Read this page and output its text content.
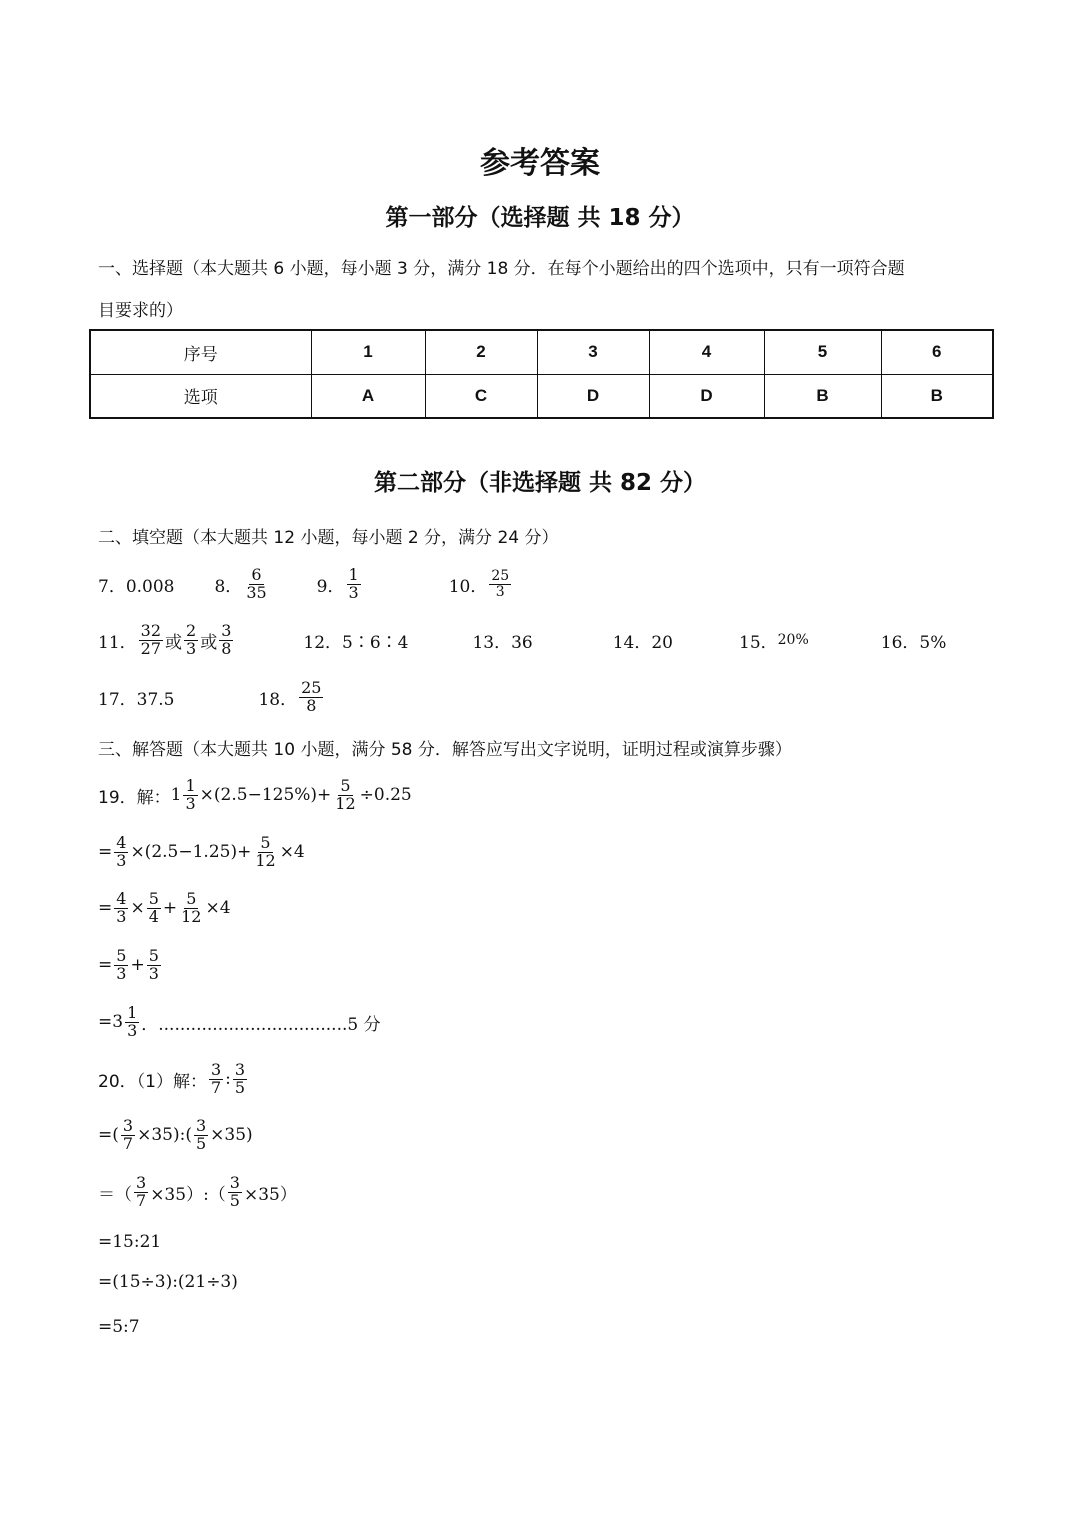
参考答案
第一部分（选择题 共 18 分）
一、选择题（本大题共 6 小题，每小题 3 分，满分 18 分．在每个小题给出的四个选项中，只有一项符合题
目要求的）
序号	1	2	3	4	5	6
选项	A	C	D	D	B	B
第二部分（非选择题 共 82 分）
二、填空题（本大题共 12 小题，每小题 2 分，满分 24 分）
7．0.008 8． $\frac{6}{35}$	9． $\frac{1}{3}$	10． $\frac{25}{3}$
11． $\frac{32}{27}$ 或 $\frac{2}{3}$ 或 $\frac{3}{8}$	12．5∶6∶4	13．36	14．20	15． 20%	16．5%
17．37.5	18． $\frac{25}{8}$
三、解答题（本大题共 10 小题，满分 58 分．解答应写出文字说明，证明过程或演算步骤）
19．解： $1 \frac{1}{3} \times(2.5-125\%)+ \frac{5}{12} \div 0.25$
= $\frac{4}{3} \times(2.5-1.25)+ \frac{5}{12} \times 4$
= $\frac{4}{3} \times \frac{5}{4} + \frac{5}{12} \times 4$
= $\frac{5}{3} + \frac{5}{3}$
$=3 \frac{1}{3}$ ．...................................5 分
20．（1）解： $\frac{3}{7}$ : $\frac{3}{5}$
=( $\frac{3}{7}$ ×35):( $\frac{3}{5} \times 35$)
＝（ $\frac{3}{7}$ ×35）:（ $\frac{3}{5} \times 35$）
=15:21
=(15÷3):(21÷3)
=5:7
